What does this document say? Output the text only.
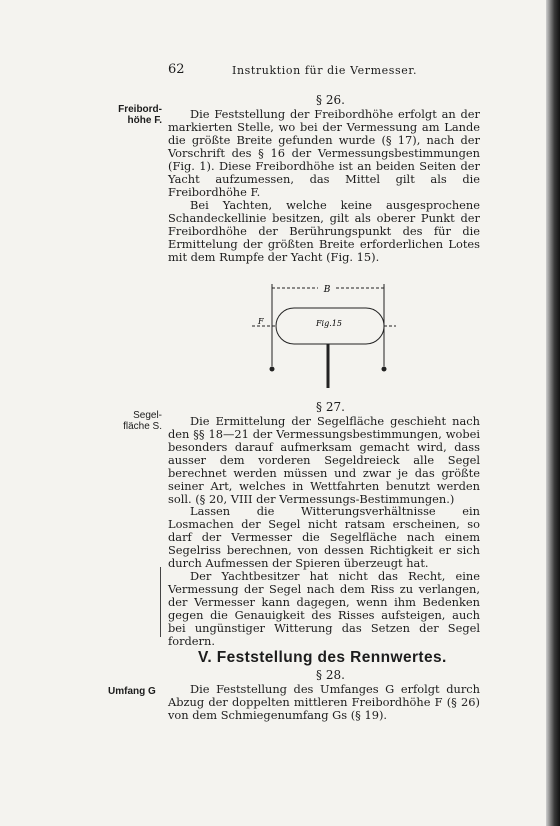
62	Instruktion für die Vermesser.
§ 26.
Freibord-
höhe F.	Die Feststellung der Freibordhöhe erfolgt an der markierten Stelle, wo bei der Vermessung am Lande die größte Breite gefunden wurde (§ 17), nach der Vorschrift des § 16 der Vermessungsbestimmungen (Fig. 1). Diese Freibordhöhe ist an beiden Seiten der Yacht aufzumessen, das Mittel gilt als die Freibordhöhe F.

Bei Yachten, welche keine ausgesprochene Schandeckellinie besitzen, gilt als oberer Punkt der Freibordhöhe der Berührungspunkt des für die Ermittelung der größten Breite erforderlichen Lotes mit dem Rumpfe der Yacht (Fig. 15).

B
F	Fig.15
§ 27.
Segel-
fläche S.	Die Ermittelung der Segelfläche geschieht nach den §§ 18—21 der Vermessungsbestimmungen, wobei besonders darauf aufmerksam gemacht wird, dass ausser dem vorderen Segeldreieck alle Segel berechnet werden müssen und zwar je das größte seiner Art, welches in Wettfahrten benutzt werden soll. (§ 20, VIII der Vermessungs-Bestimmungen.)

Lassen die Witterungsverhältnisse ein Losmachen der Segel nicht ratsam erscheinen, so darf der Vermesser die Segelfläche nach einem Segelriss berechnen, von dessen Richtigkeit er sich durch Aufmessen der Spieren überzeugt hat.

Der Yachtbesitzer hat nicht das Recht, eine Vermessung der Segel nach dem Riss zu verlangen, der Vermesser kann dagegen, wenn ihm Bedenken gegen die Genauigkeit des Risses aufsteigen, auch bei ungünstiger Witterung das Setzen der Segel fordern.

V. Feststellung des Rennwertes.
§ 28.
Umfang G	Die Feststellung des Umfanges G erfolgt durch Abzug der doppelten mittleren Freibordhöhe F (§ 26) von dem Schmiegenumfang Gs (§ 19).
